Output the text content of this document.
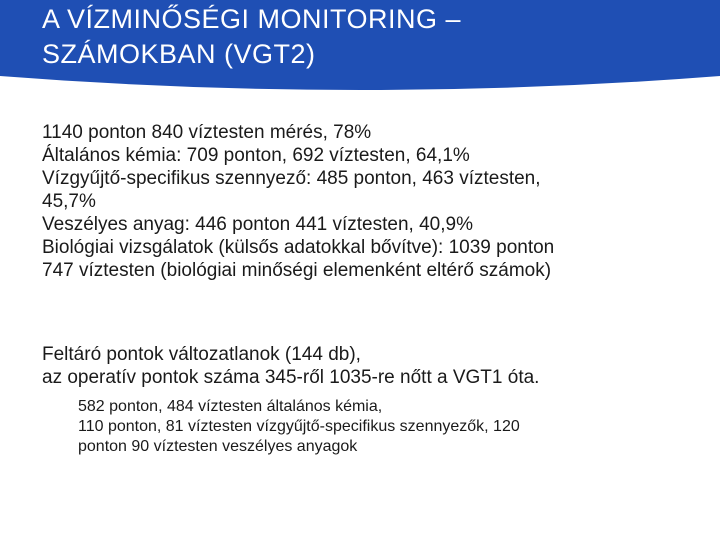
A VÍZMINŐSÉGI MONITORING –
SZÁMOKBAN (VGT2)

1140 ponton 840 víztesten mérés, 78%

Általános kémia: 709 ponton, 692 víztesten, 64,1%

Vízgyűjtő-specifikus szennyező: 485 ponton, 463 víztesten,

45,7%

Veszélyes anyag: 446 ponton 441 víztesten, 40,9%

Biológiai vizsgálatok (külsős adatokkal bővítve): 1039 ponton

747 víztesten (biológiai minőségi elemenként eltérő számok)

Feltáró pontok változatlanok (144 db),

az operatív pontok száma 345-ről 1035-re nőtt a VGT1 óta.

582 ponton, 484 víztesten általános kémia,

110 ponton, 81 víztesten vízgyűjtő-specifikus szennyezők, 120

ponton 90 víztesten veszélyes anyagok
